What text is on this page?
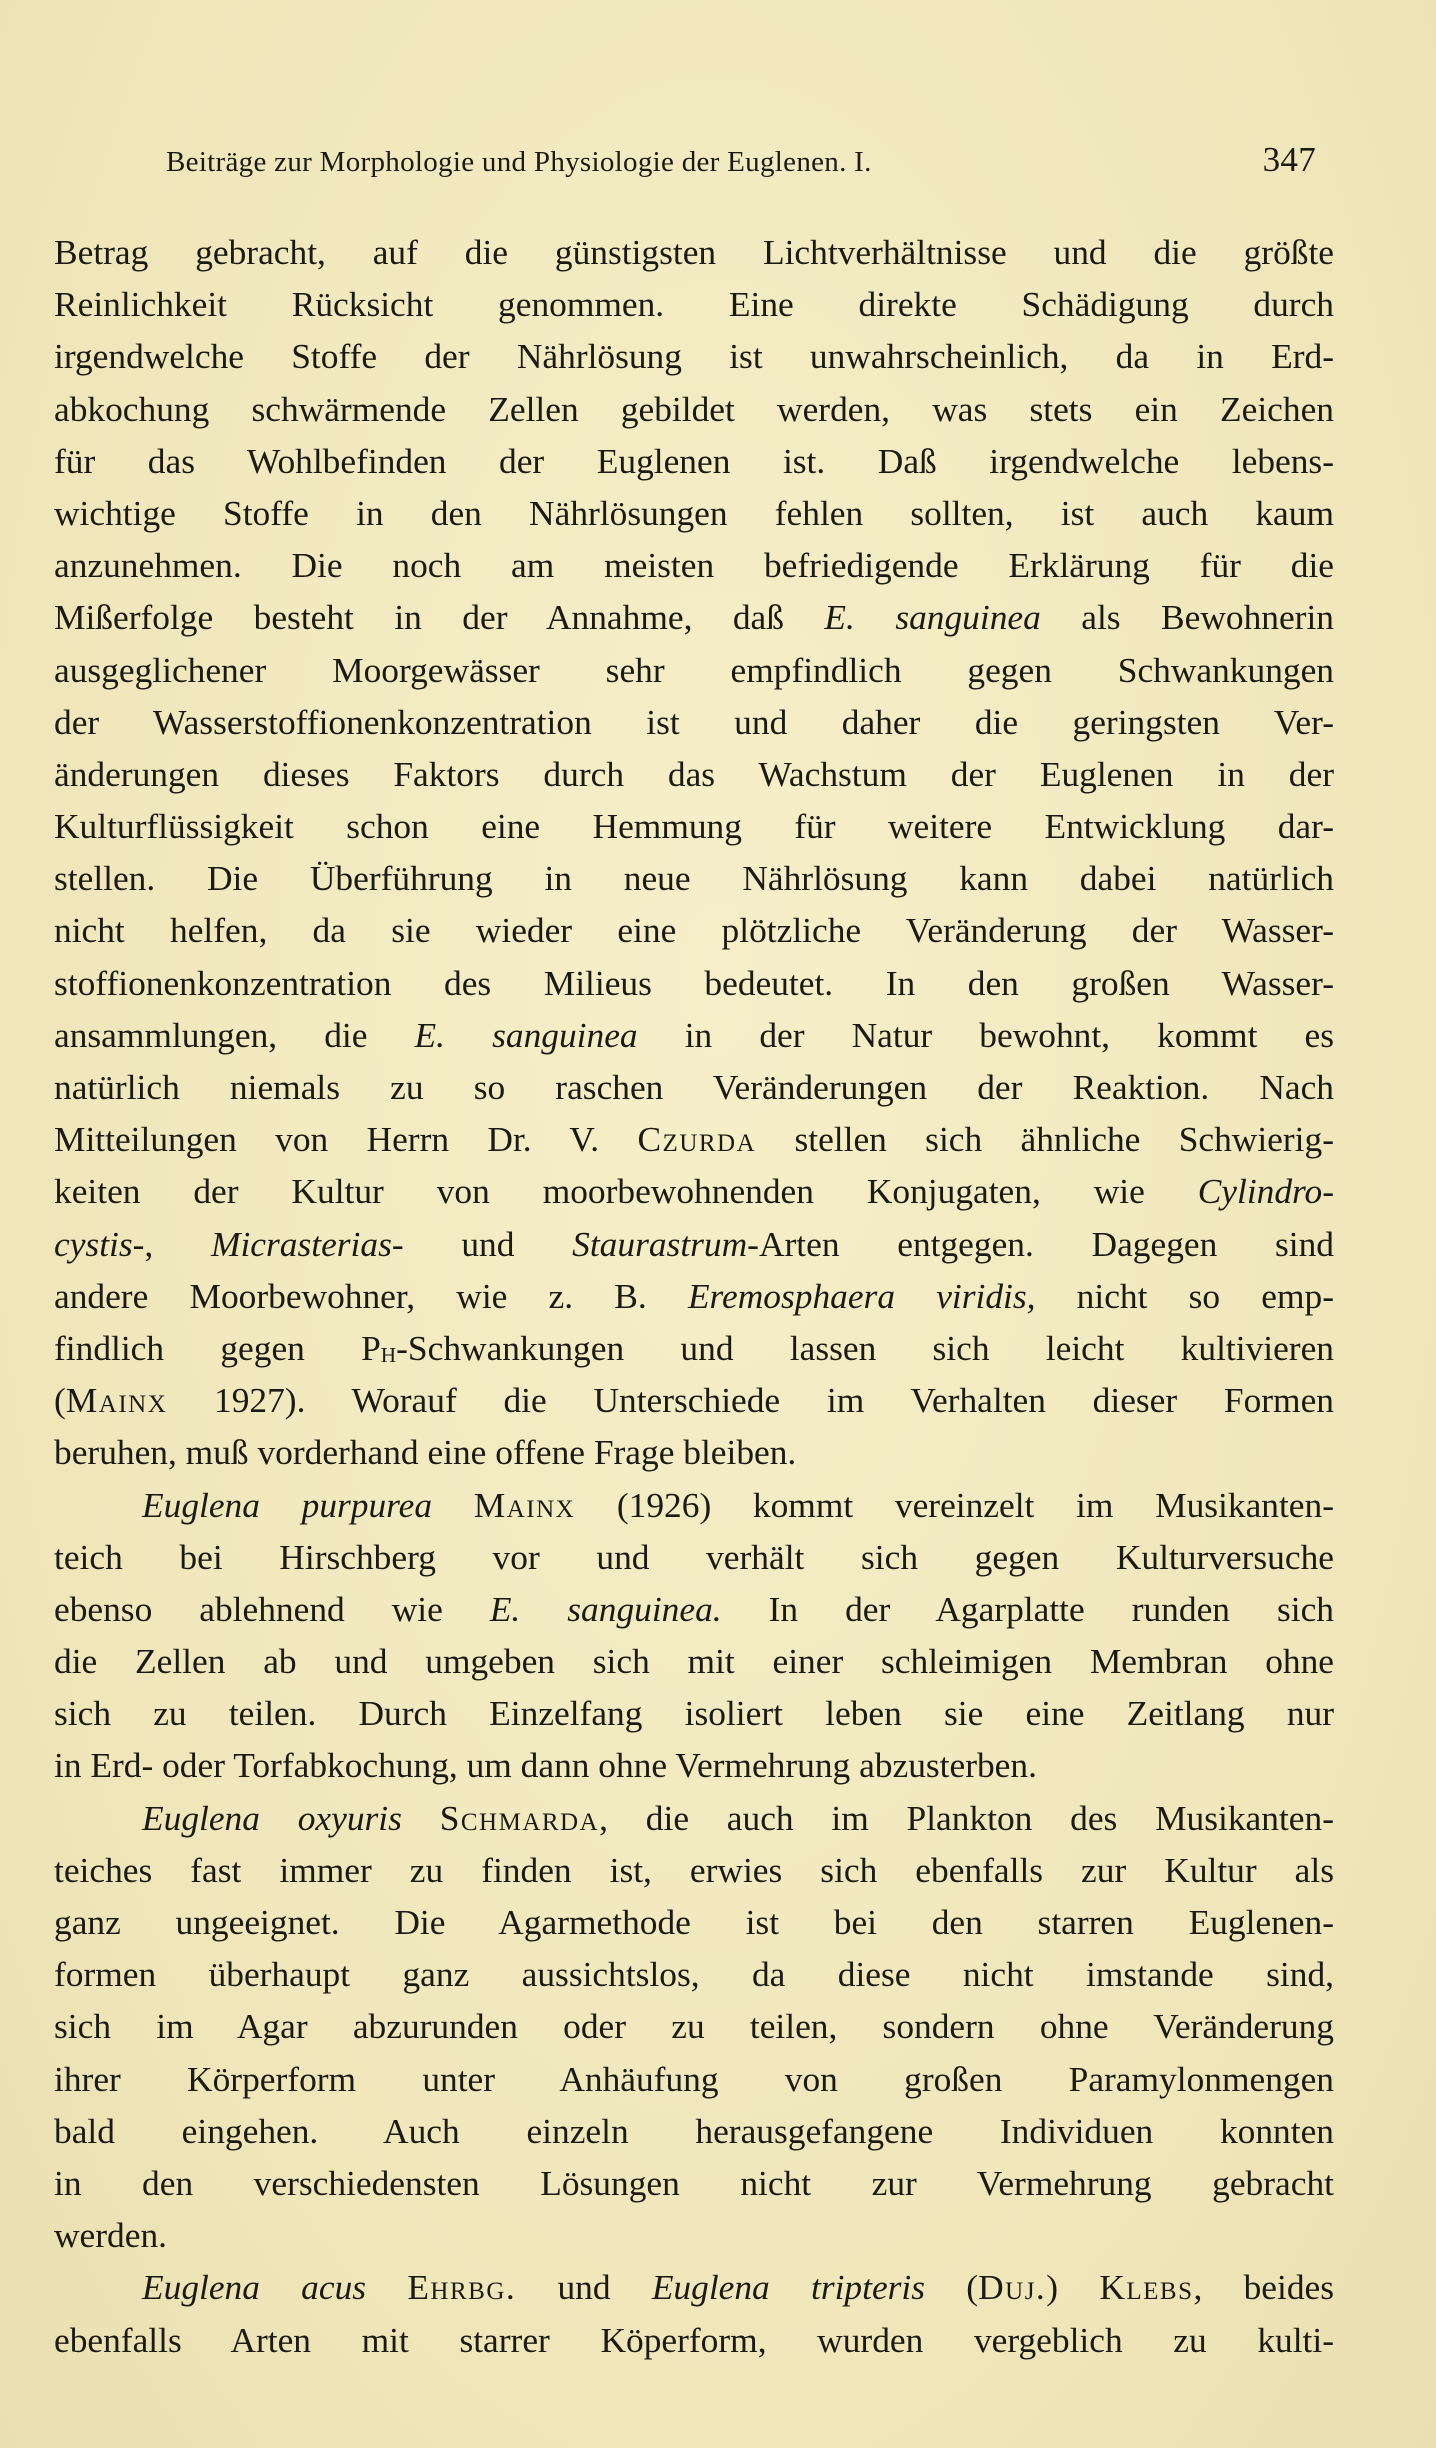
Beiträge zur Morphologie und Physiologie der Euglenen. I.	347
Betrag gebracht, auf die günstigsten Lichtverhältnisse und die größte
Reinlichkeit Rücksicht genommen. Eine direkte Schädigung durch
irgendwelche Stoffe der Nährlösung ist unwahrscheinlich, da in Erd-
abkochung schwärmende Zellen gebildet werden, was stets ein Zeichen
für das Wohlbefinden der Euglenen ist. Daß irgendwelche lebens-
wichtige Stoffe in den Nährlösungen fehlen sollten, ist auch kaum
anzunehmen. Die noch am meisten befriedigende Erklärung für die
Mißerfolge besteht in der Annahme, daß E. sanguinea als Bewohnerin
ausgeglichener Moorgewässer sehr empfindlich gegen Schwankungen
der Wasserstoffionenkonzentration ist und daher die geringsten Ver-
änderungen dieses Faktors durch das Wachstum der Euglenen in der
Kulturflüssigkeit schon eine Hemmung für weitere Entwicklung dar-
stellen. Die Überführung in neue Nährlösung kann dabei natürlich
nicht helfen, da sie wieder eine plötzliche Veränderung der Wasser-
stoffionenkonzentration des Milieus bedeutet. In den großen Wasser-
ansammlungen, die E. sanguinea in der Natur bewohnt, kommt es
natürlich niemals zu so raschen Veränderungen der Reaktion. Nach
Mitteilungen von Herrn Dr. V. Czurda stellen sich ähnliche Schwierig-
keiten der Kultur von moorbewohnenden Konjugaten, wie Cylindro-
cystis-, Micrasterias- und Staurastrum-Arten entgegen. Dagegen sind
andere Moorbewohner, wie z. B. Eremosphaera viridis, nicht so emp-
findlich gegen $P_H$-Schwankungen und lassen sich leicht kultivieren
(Mainx 1927). Worauf die Unterschiede im Verhalten dieser Formen
beruhen, muß vorderhand eine offene Frage bleiben.
Euglena purpurea Mainx (1926) kommt vereinzelt im Musikanten-
teich bei Hirschberg vor und verhält sich gegen Kulturversuche
ebenso ablehnend wie E. sanguinea. In der Agarplatte runden sich
die Zellen ab und umgeben sich mit einer schleimigen Membran ohne
sich zu teilen. Durch Einzelfang isoliert leben sie eine Zeitlang nur
in Erd- oder Torfabkochung, um dann ohne Vermehrung abzusterben.
Euglena oxyuris Schmarda, die auch im Plankton des Musikanten-
teiches fast immer zu finden ist, erwies sich ebenfalls zur Kultur als
ganz ungeeignet. Die Agarmethode ist bei den starren Euglenen-
formen überhaupt ganz aussichtslos, da diese nicht imstande sind,
sich im Agar abzurunden oder zu teilen, sondern ohne Veränderung
ihrer Körperform unter Anhäufung von großen Paramylonmengen
bald eingehen. Auch einzeln herausgefangene Individuen konnten
in den verschiedensten Lösungen nicht zur Vermehrung gebracht
werden.
Euglena acus Ehrbg. und Euglena tripteris (Duj.) Klebs, beides
ebenfalls Arten mit starrer Köperform, wurden vergeblich zu kulti-
